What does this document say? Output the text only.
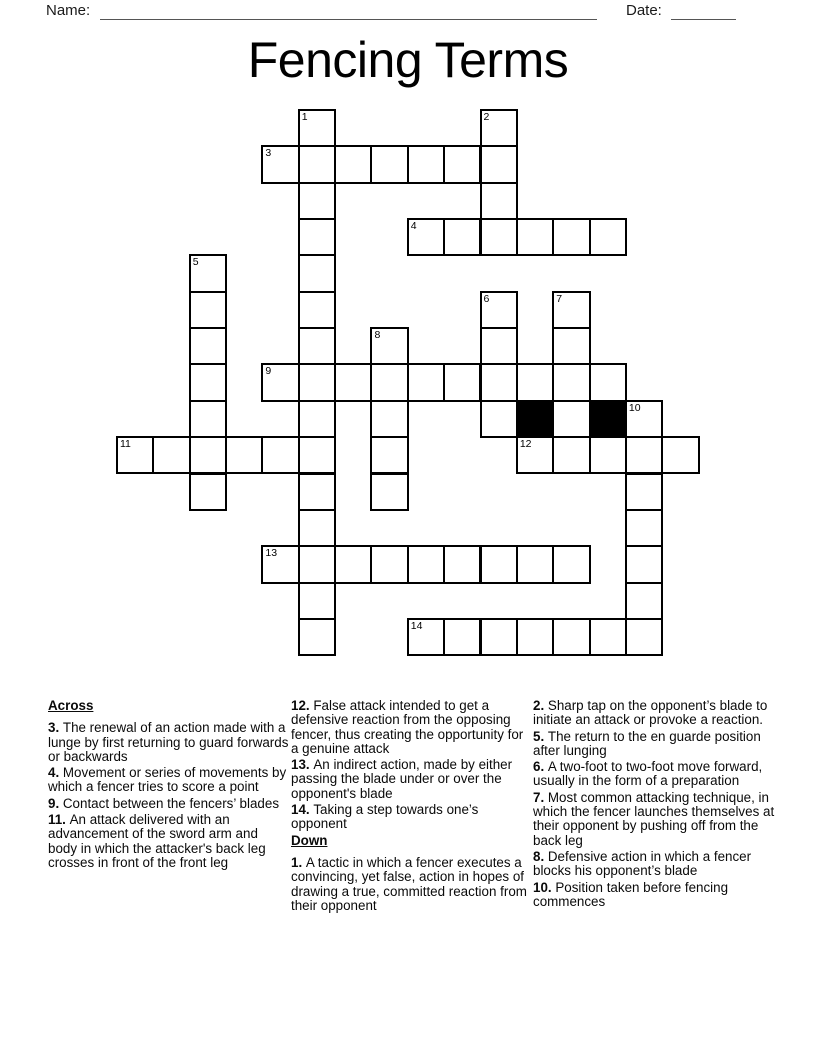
Name:	Date:
Fencing Terms
1	2
3
4
5
6	7
8
9
10
11	12
13
14

Across

3. The renewal of an action made with a lunge by first returning to guard forwards or backwards

4. Movement or series of movements by which a fencer tries to score a point

9. Contact between the fencers’ blades

11. An attack delivered with an advancement of the sword arm and body in which the attacker's back leg crosses in front of the front leg

12. False attack intended to get a defensive reaction from the opposing fencer, thus creating the opportunity for a genuine attack

13. An indirect action, made by either passing the blade under or over the opponent's blade

14. Taking a step towards one’s opponent

Down

1. A tactic in which a fencer executes a convincing, yet false, action in hopes of drawing a true, committed reaction from their opponent

2. Sharp tap on the opponent’s blade to initiate an attack or provoke a reaction.

5. The return to the en guarde position after lunging

6. A two-foot to two-foot move forward, usually in the form of a preparation

7. Most common attacking technique, in which the fencer launches themselves at their opponent by pushing off from the back leg

8. Defensive action in which a fencer blocks his opponent’s blade

10. Position taken before fencing commences
